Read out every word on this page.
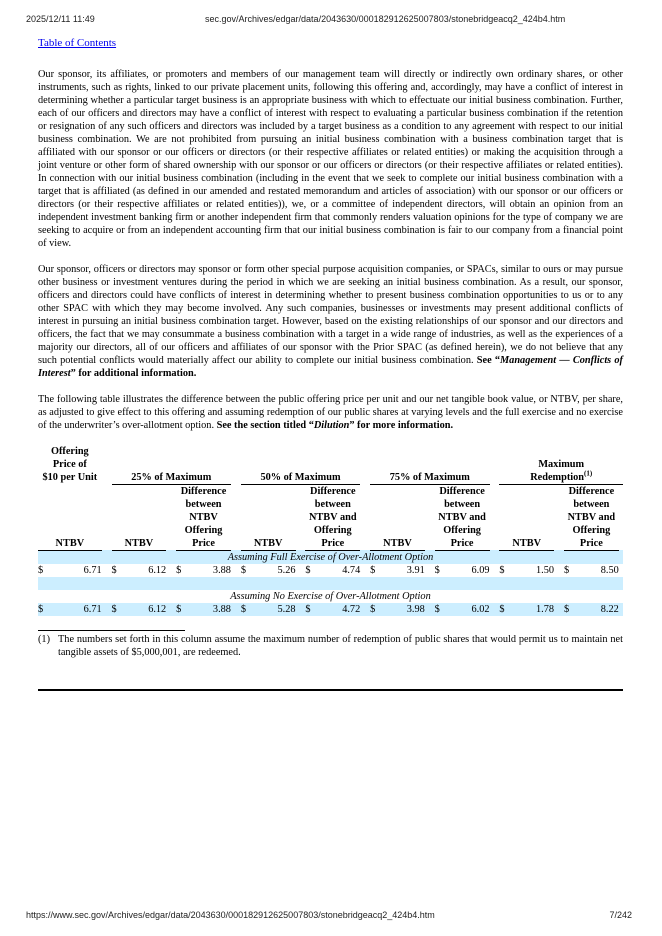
2025/12/11 11:49	sec.gov/Archives/edgar/data/2043630/000182912625007803/stonebridgeacq2_424b4.htm
Table of Contents

Our sponsor, its affiliates, or promoters and members of our management team will directly or indirectly own ordinary shares, or other instruments, such as rights, linked to our private placement units, following this offering and, accordingly, may have a conflict of interest in determining whether a particular target business is an appropriate business with which to effectuate our initial business combination. Further, each of our officers and directors may have a conflict of interest with respect to evaluating a particular business combination if the retention or resignation of any such officers and directors was included by a target business as a condition to any agreement with respect to our initial business combination. We are not prohibited from pursuing an initial business combination with a business combination target that is affiliated with our sponsor or our officers or directors (or their respective affiliates or related entities) or making the acquisition through a joint venture or other form of shared ownership with our sponsor or our officers or directors (or their respective affiliates or related entities). In connection with our initial business combination (including in the event that we seek to complete our initial business combination with a target that is affiliated (as defined in our amended and restated memorandum and articles of association) with our sponsor or our officers or directors (or their respective affiliates or related entities)), we, or a committee of independent directors, will obtain an opinion from an independent investment banking firm or another independent firm that commonly renders valuation opinions for the type of company we are seeking to acquire or from an independent accounting firm that our initial business combination is fair to our company from a financial point of view.

Our sponsor, officers or directors may sponsor or form other special purpose acquisition companies, or SPACs, similar to ours or may pursue other business or investment ventures during the period in which we are seeking an initial business combination. As a result, our sponsor, officers and directors could have conflicts of interest in determining whether to present business combination opportunities to us or to any other SPAC with which they may become involved. Any such companies, businesses or investments may present additional conflicts of interest in pursuing an initial business combination target. However, based on the existing relationships of our sponsor and our directors and officers, the fact that we may consummate a business combination with a target in a wide range of industries, as well as the experiences of a majority our directors, all of our officers and affiliates of our sponsor with the Prior SPAC (as defined herein), we do not believe that any such potential conflicts would materially affect our ability to complete our initial business combination. See “Management — Conflicts of Interest” for additional information.

The following table illustrates the difference between the public offering price per unit and our net tangible book value, or NTBV, per share, as adjusted to give effect to this offering and assuming redemption of our public shares at varying levels and the full exercise and no exercise of the underwriter’s over-allotment option. See the section titled “Dilution” for more information.

Offering
Price of
$10 per Unit		25% of Maximum		50% of Maximum		75% of Maximum		
Maximum
Redemption$^{(1)}$

NTBV		NTBV		
Difference
between
NTBV
Offering
Price		NTBV		
Difference
between
NTBV and
Offering
Price		NTBV		
Difference
between
NTBV and
Offering
Price		NTBV		
Difference
between
NTBV and
Offering
Price

Assuming Full Exercise of Over-Allotment Option																											
$	6.71		$	6.12		$	3.88		$	5.26		$	4.74		$	3.91		$	6.09		$	1.50		$	8.50		

Assuming No Exercise of Over-Allotment Option																											
$	6.71		$	6.12		$	3.88		$	5.28		$	4.72		$	3.98		$	6.02		$	1.78		$	8.22		
(1) The numbers set forth in this column assume the maximum number of redemption of public shares that would permit us to maintain net tangible assets of $5,000,001, are redeemed.
https://www.sec.gov/Archives/edgar/data/2043630/000182912625007803/stonebridgeacq2_424b4.htm	7/242
